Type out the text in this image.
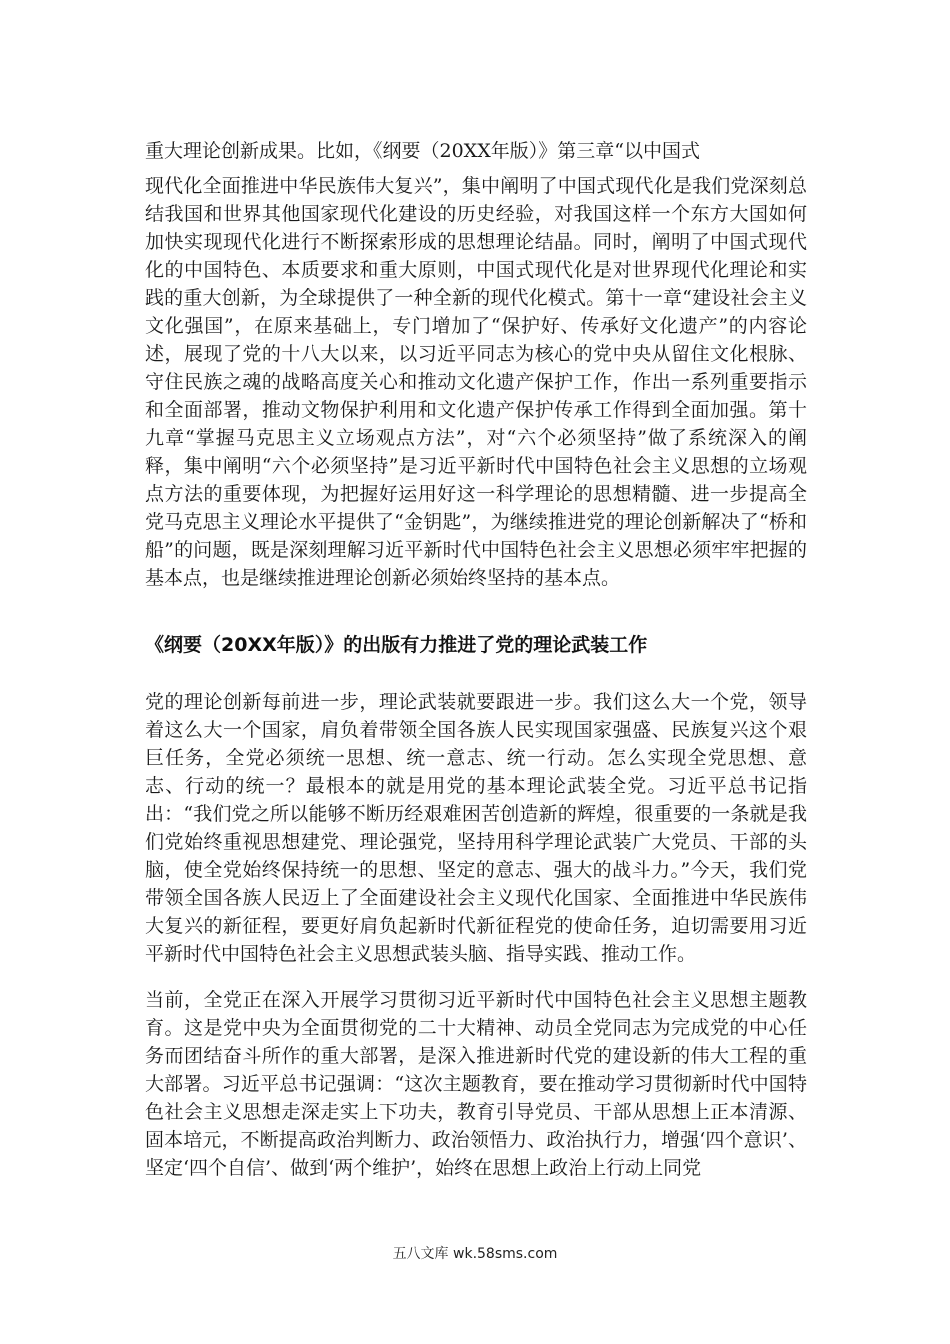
重大理论创新成果。比如，《纲要（20XX年版）》第三章“以中国式

现代化全面推进中华民族伟大复兴”，集中阐明了中国式现代化是我们党深刻总结我国和世界其他国家现代化建设的历史经验，对我国这样一个东方大国如何加快实现现代化进行不断探索形成的思想理论结晶。同时，阐明了中国式现代化的中国特色、本质要求和重大原则，中国式现代化是对世界现代化理论和实践的重大创新，为全球提供了一种全新的现代化模式。第十一章“建设社会主义文化强国”，在原来基础上，专门增加了“保护好、传承好文化遗产”的内容论述，展现了党的十八大以来，以习近平同志为核心的党中央从留住文化根脉、守住民族之魂的战略高度关心和推动文化遗产保护工作，作出一系列重要指示和全面部署，推动文物保护利用和文化遗产保护传承工作得到全面加强。第十九章“掌握马克思主义立场观点方法”，对“六个必须坚持”做了系统深入的阐释，集中阐明“六个必须坚持”是习近平新时代中国特色社会主义思想的立场观点方法的重要体现，为把握好运用好这一科学理论的思想精髓、进一步提高全党马克思主义理论水平提供了“金钥匙”，为继续推进党的理论创新解决了“桥和船”的问题，既是深刻理解习近平新时代中国特色社会主义思想必须牢牢把握的基本点，也是继续推进理论创新必须始终坚持的基本点。

《纲要（20XX年版）》的出版有力推进了党的理论武装工作

党的理论创新每前进一步，理论武装就要跟进一步。我们这么大一个党，领导着这么大一个国家，肩负着带领全国各族人民实现国家强盛、民族复兴这个艰巨任务，全党必须统一思想、统一意志、统一行动。怎么实现全党思想、意志、行动的统一？最根本的就是用党的基本理论武装全党。习近平总书记指出：“我们党之所以能够不断历经艰难困苦创造新的辉煌，很重要的一条就是我们党始终重视思想建党、理论强党，坚持用科学理论武装广大党员、干部的头脑，使全党始终保持统一的思想、坚定的意志、强大的战斗力。”今天，我们党带领全国各族人民迈上了全面建设社会主义现代化国家、全面推进中华民族伟大复兴的新征程，要更好肩负起新时代新征程党的使命任务，迫切需要用习近平新时代中国特色社会主义思想武装头脑、指导实践、推动工作。

当前，全党正在深入开展学习贯彻习近平新时代中国特色社会主义思想主题教育。这是党中央为全面贯彻党的二十大精神、动员全党同志为完成党的中心任务而团结奋斗所作的重大部署，是深入推进新时代党的建设新的伟大工程的重大部署。习近平总书记强调：“这次主题教育，要在推动学习贯彻新时代中国特色社会主义思想走深走实上下功夫，教育引导党员、干部从思想上正本清源、固本培元，不断提高政治判断力、政治领悟力、政治执行力，增强‘四个意识’、坚定‘四个自信’、做到‘两个维护’，始终在思想上政治上行动上同党

五八文库 wk.58sms.com
